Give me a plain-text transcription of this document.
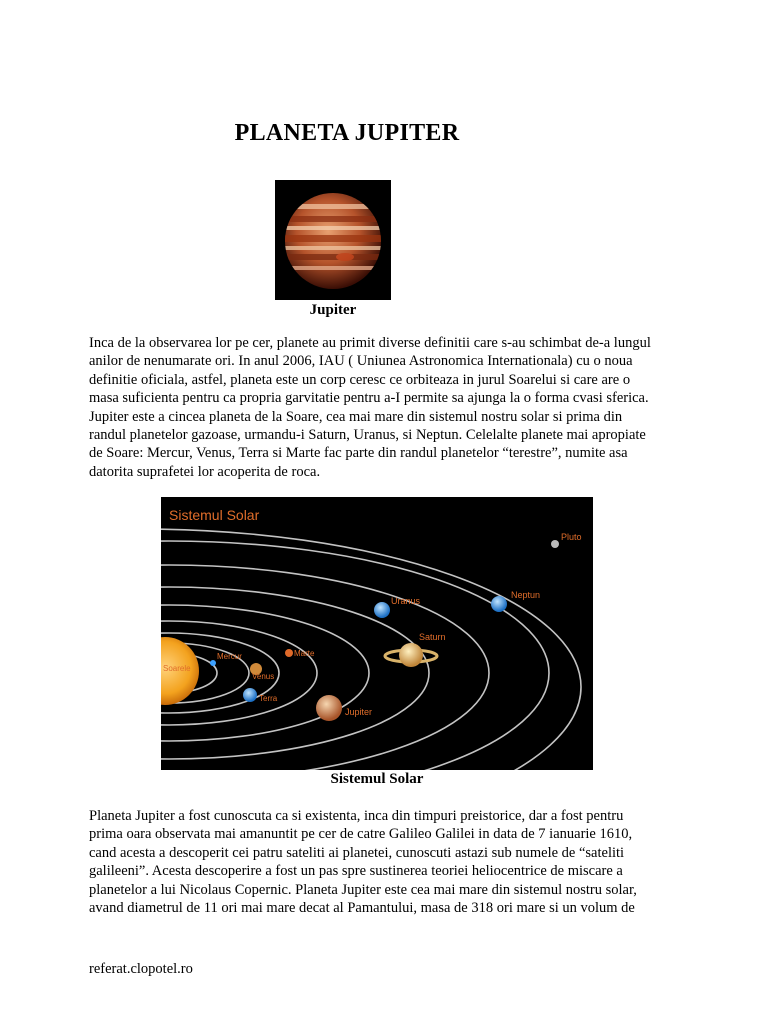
PLANETA JUPITER
Jupiter
Inca de la observarea lor pe cer, planete au primit diverse definitii care s-au schimbat de-a lungul
anilor de nenumarate ori. In anul 2006, IAU ( Uniunea Astronomica Internationala) cu o noua
definitie oficiala, astfel, planeta este un corp ceresc ce orbiteaza in jurul Soarelui si care are o
masa suficienta pentru ca propria garvitatie pentru a-I permite sa ajunga la o forma cvasi sferica.
Jupiter este a cincea planeta de la Soare, cea mai mare din sistemul nostru solar si prima din
randul planetelor gazoase, urmandu-i Saturn, Uranus, si Neptun. Celelalte planete mai apropiate
de Soare: Mercur, Venus, Terra si Marte fac parte din randul planetelor “terestre”, numite asa
datorita suprafetei lor acoperita de roca.
Sistemul Solar
Soarele
Mercur
Venus
Terra
Marte
Jupiter
Saturn
Uranus
Neptun
Pluto
Sistemul Solar
Planeta Jupiter a fost cunoscuta ca si existenta, inca din timpuri preistorice, dar a fost pentru
prima oara observata mai amanuntit pe cer de catre Galileo Galilei in data de 7 ianuarie 1610,
cand acesta a descoperit cei patru sateliti ai planetei, cunoscuti astazi sub numele de “sateliti
galileeni”. Acesta descoperire a fost un pas spre sustinerea teoriei heliocentrice de miscare a
planetelor a lui Nicolaus Copernic. Planeta Jupiter este cea mai mare din sistemul nostru solar,
avand diametrul de 11 ori mai mare decat al Pamantului, masa de 318 ori mare si un volum de
referat.clopotel.ro
